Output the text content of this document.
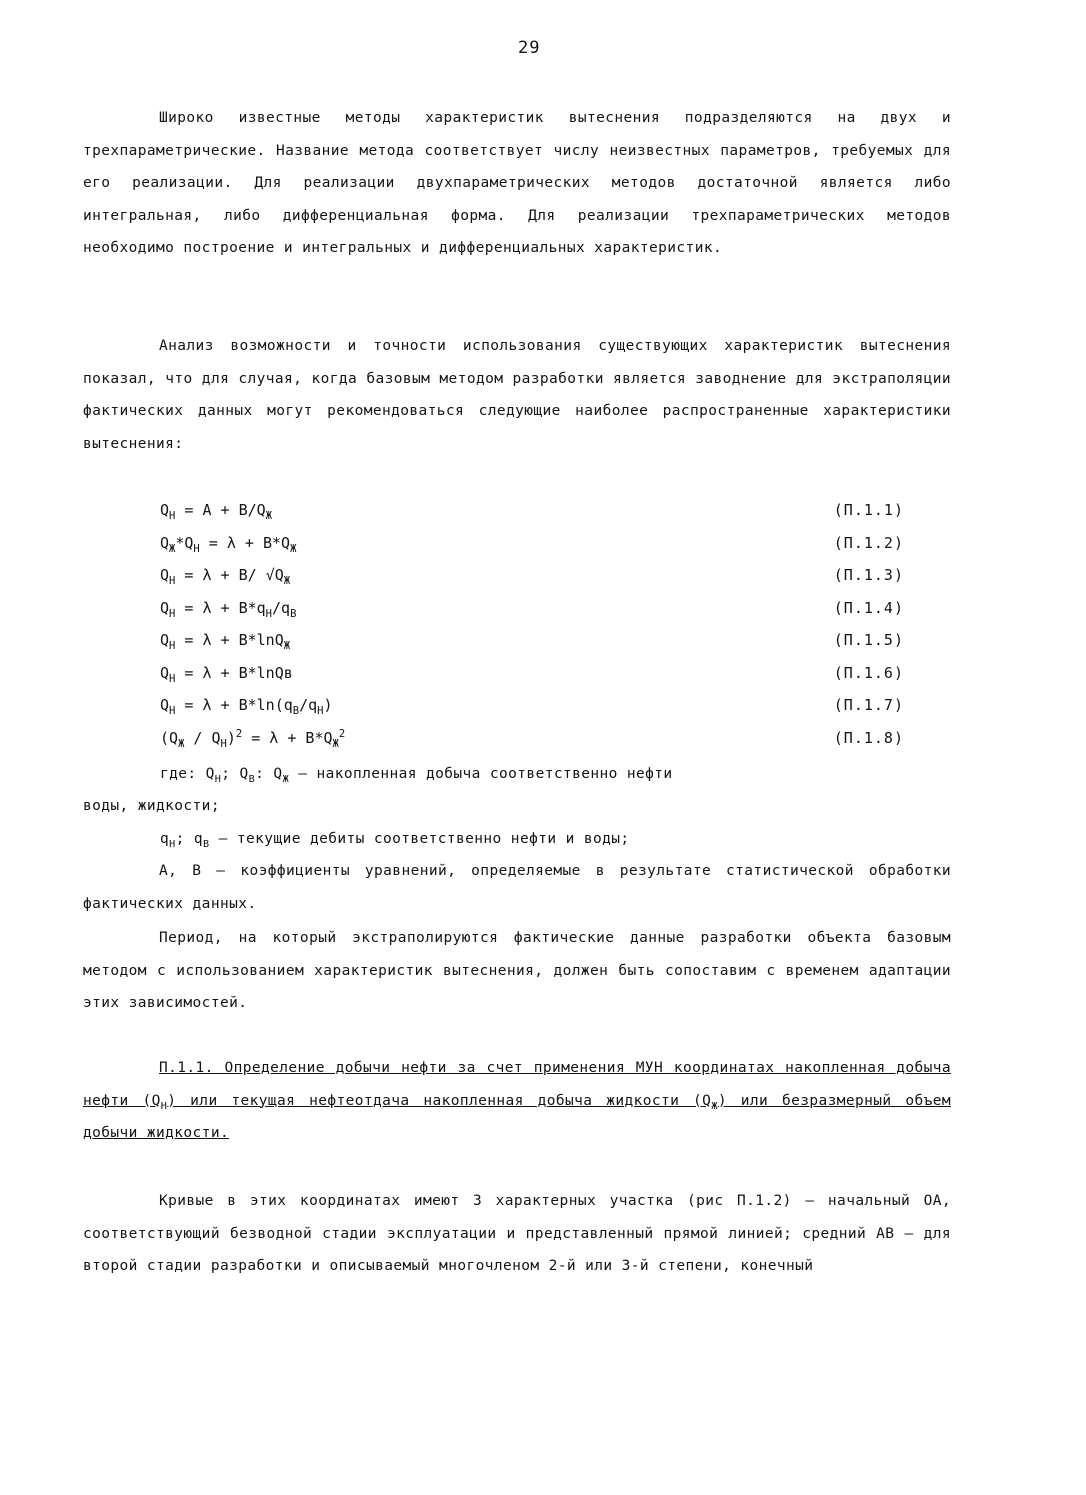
29

Широко известные методы характеристик вытеснения подразделяются на двух и трехпараметрические. Название метода соответствует числу неизвестных параметров, требуемых для его реализации. Для реализации двухпараметрических методов достаточной является либо интегральная, либо дифференциальная форма. Для реализации трехпараметрических методов необходимо построение и интегральных и дифференциальных характеристик.

Анализ возможности и точности использования существующих характеристик вытеснения показал, что для случая, когда базовым методом разработки является заводнение для экстраполяции фактических данных могут рекомендоваться следующие наиболее распространенные характеристики вытеснения:

$Q_Н = А + В/Q_Ж$	(П.1.1)
$Q_Ж*Q_Н = \lambda + В*Q_Ж$	(П.1.2)
$Q_Н = \lambda + В/$ $√Q_Ж$	(П.1.3)
$Q_Н = \lambda + В*q_Н/q_В$	(П.1.4)
$Q_Н = \lambda + В*\ln Q_Ж$	(П.1.5)
$Q_Н = \lambda + В*\ln Qв$	(П.1.6)
$Q_Н = \lambda + В*\ln(q_В/q_Н)$	(П.1.7)
$(Q_Ж / Q_Н)^2 = \lambda + В*Q_Ж^2$	(П.1.8)
где: $Q_Н$; $Q_В$: $Q_Ж$ – накопленная добыча соответственно нефти
воды, жидкости;
$q_Н$; $q_В$ – текущие дебиты соответственно нефти и воды;

А, В – коэффициенты уравнений, определяемые в результате статистической обработки фактических данных.

Период, на который экстраполируются фактические данные разработки объекта базовым методом с использованием характеристик вытеснения, должен быть сопоставим с временем адаптации этих зависимостей.

П.1.1. Определение добычи нефти за счет применения МУН координатах накопленная добыча нефти $(Q_Н)$ или текущая нефтеотдача накопленная добыча жидкости $(Q_Ж)$ или безразмерный объем добычи жидкости.

Кривые в этих координатах имеют 3 характерных участка (рис П.1.2) – начальный ОА, соответствующий безводной стадии эксплуатации и представленный прямой линией; средний АВ – для второй стадии разработки и описываемый многочленом 2-й или 3-й степени, конечный
